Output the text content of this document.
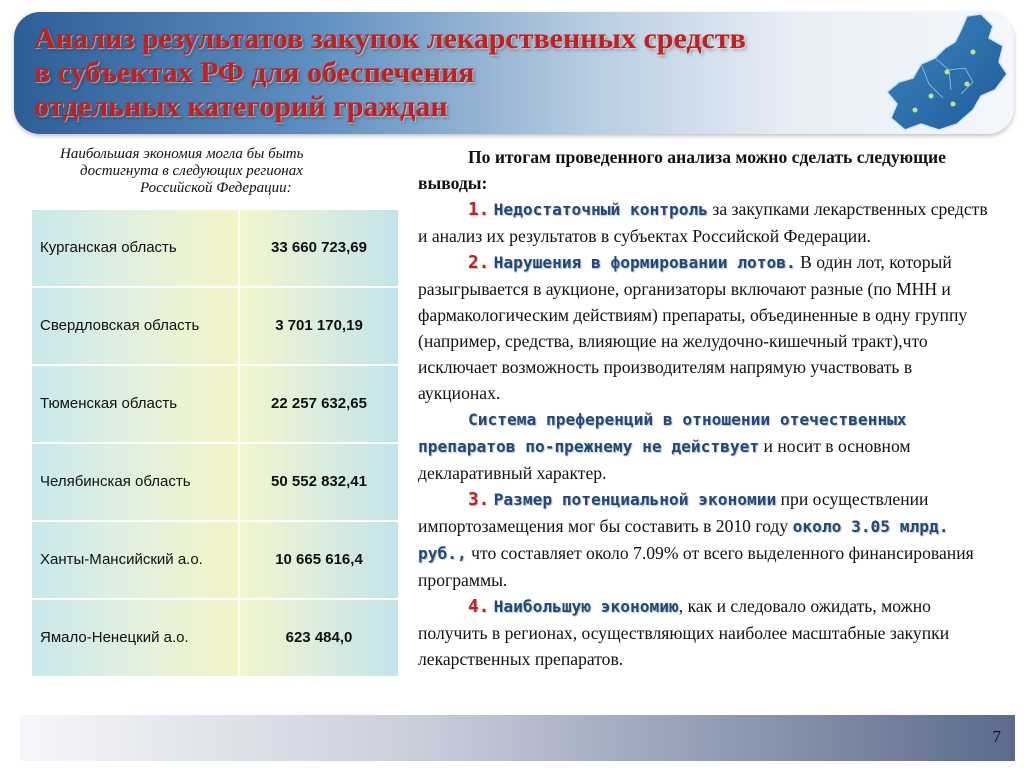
Анализ результатов закупок лекарственных средств
в субъектах РФ для обеспечения
отдельных категорий граждан
Наибольшая экономия могла бы быть
достигнута в следующих регионах
Российской Федерации:
Курганская область	33 660 723,69
Свердловская область	3 701 170,19
Тюменская область	22 257 632,65
Челябинская область	50 552 832,41
Ханты-Мансийский а.о.	10 665 616,4
Ямало-Ненецкий а.о.	623 484,0

По итогам проведенного анализа можно сделать следующие выводы:

1. Недостаточный контроль за закупками лекарственных средств и анализ их результатов в субъектах Российской Федерации.

2. Нарушения в формировании лотов. В один лот, который разыгрывается в аукционе, организаторы включают разные (по МНН и фармакологическим действиям) препараты, объединенные в одну группу (например, средства, влияющие на желудочно-кишечный тракт),что исключает возможность производителям напрямую участвовать в аукционах.

Система преференций в отношении отечественных препаратов по-прежнему не действует и носит в основном декларативный характер.

3. Размер потенциальной экономии при осуществлении импортозамещения мог бы составить в 2010 году около 3.05 млрд. руб., что составляет около 7.09% от всего выделенного финансирования программы.

4. Наибольшую экономию, как и следовало ожидать, можно получить в регионах, осуществляющих наиболее масштабные закупки лекарственных препаратов.

7
